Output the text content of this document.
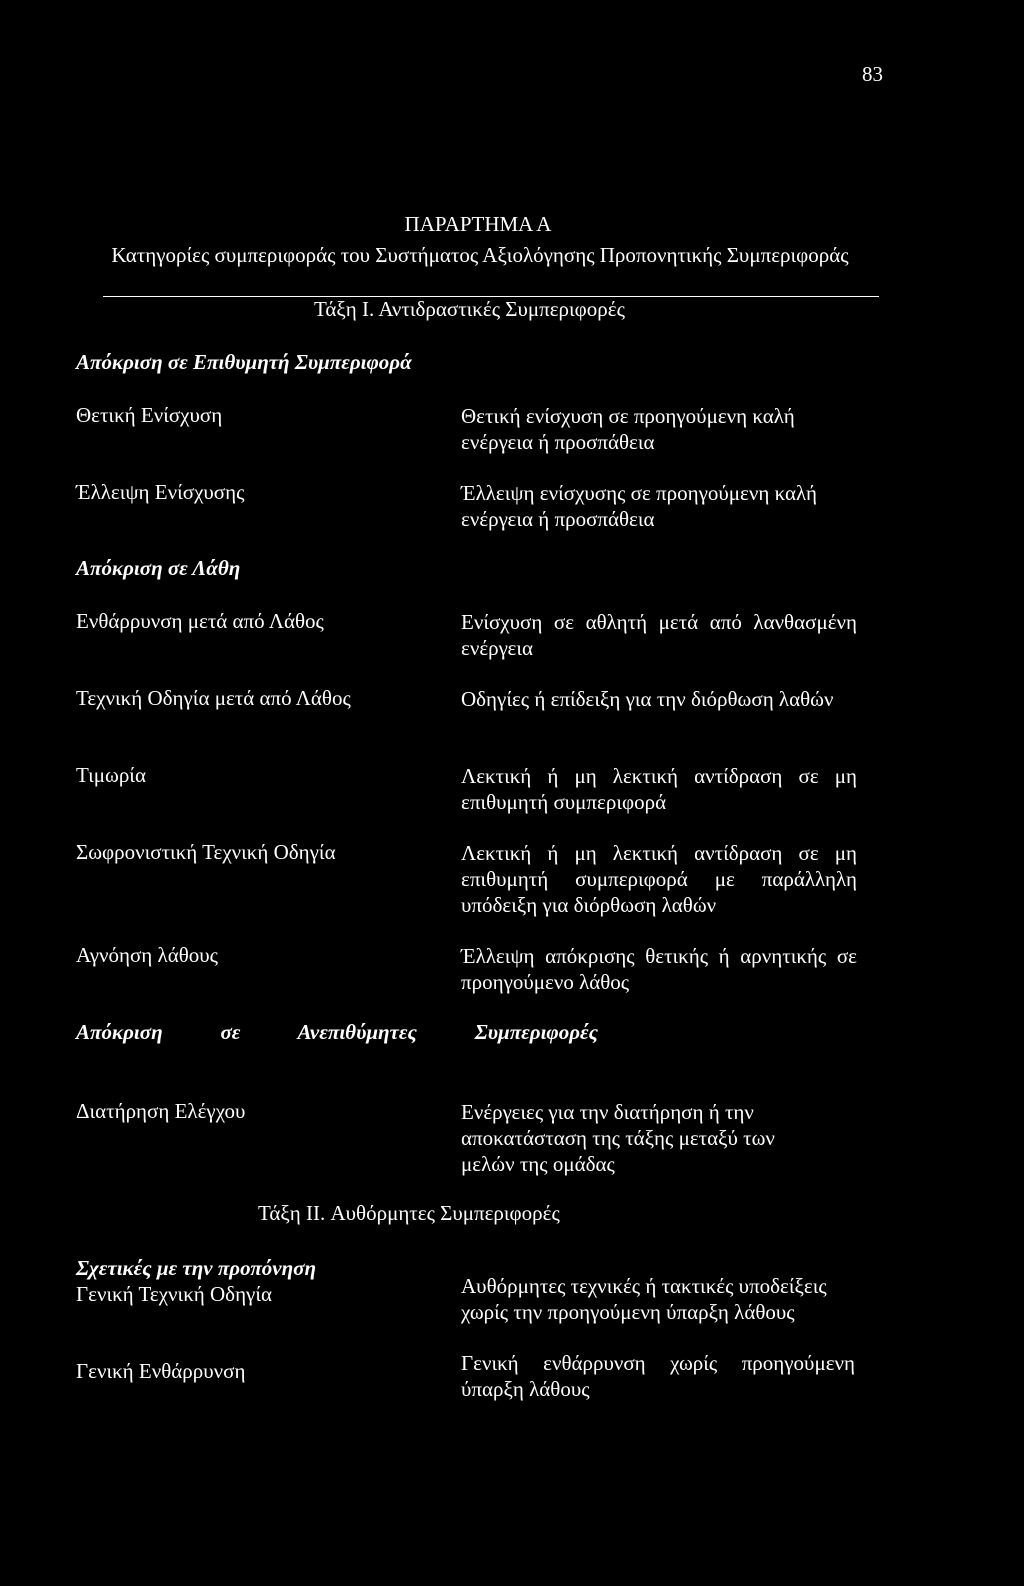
83
ΠΑΡΑΡΤΗΜΑ Α
Κατηγορίες συμπεριφοράς του Συστήματος Αξιολόγησης Προπονητικής Συμπεριφοράς
Τάξη Ι. Αντιδραστικές Συμπεριφορές
Απόκριση σε Επιθυμητή Συμπεριφορά
Θετική Ενίσχυση	Θετική ενίσχυση σε προηγούμενη καλή ενέργεια ή προσπάθεια
Έλλειψη Ενίσχυσης	Έλλειψη ενίσχυσης σε προηγούμενη καλή ενέργεια ή προσπάθεια
Απόκριση σε Λάθη
Ενθάρρυνση μετά από Λάθος	Ενίσχυση σε αθλητή μετά από λανθασμένη ενέργεια
Τεχνική Οδηγία μετά από Λάθος	Οδηγίες ή επίδειξη για την διόρθωση λαθών
Τιμωρία	Λεκτική ή μη λεκτική αντίδραση σε μη επιθυμητή συμπεριφορά
Σωφρονιστική Τεχνική Οδηγία	Λεκτική ή μη λεκτική αντίδραση σε μη επιθυμητή συμπεριφορά με παράλληλη υπόδειξη για διόρθωση λαθών
Αγνόηση λάθους	Έλλειψη απόκρισης θετικής ή αρνητικής σε προηγούμενο λάθος
Απόκριση σε Ανεπιθύμητες Συμπεριφορές
Διατήρηση Ελέγχου	Ενέργειες για την διατήρηση ή την αποκατάσταση της τάξης μεταξύ των μελών της ομάδας
Τάξη II. Αυθόρμητες Συμπεριφορές
Σχετικές με την προπόνηση
Γενική Τεχνική Οδηγία	Αυθόρμητες τεχνικές ή τακτικές υποδείξεις χωρίς την προηγούμενη ύπαρξη λάθους
Γενική Ενθάρρυνση	Γενική ενθάρρυνση χωρίς προηγούμενη ύπαρξη λάθους
